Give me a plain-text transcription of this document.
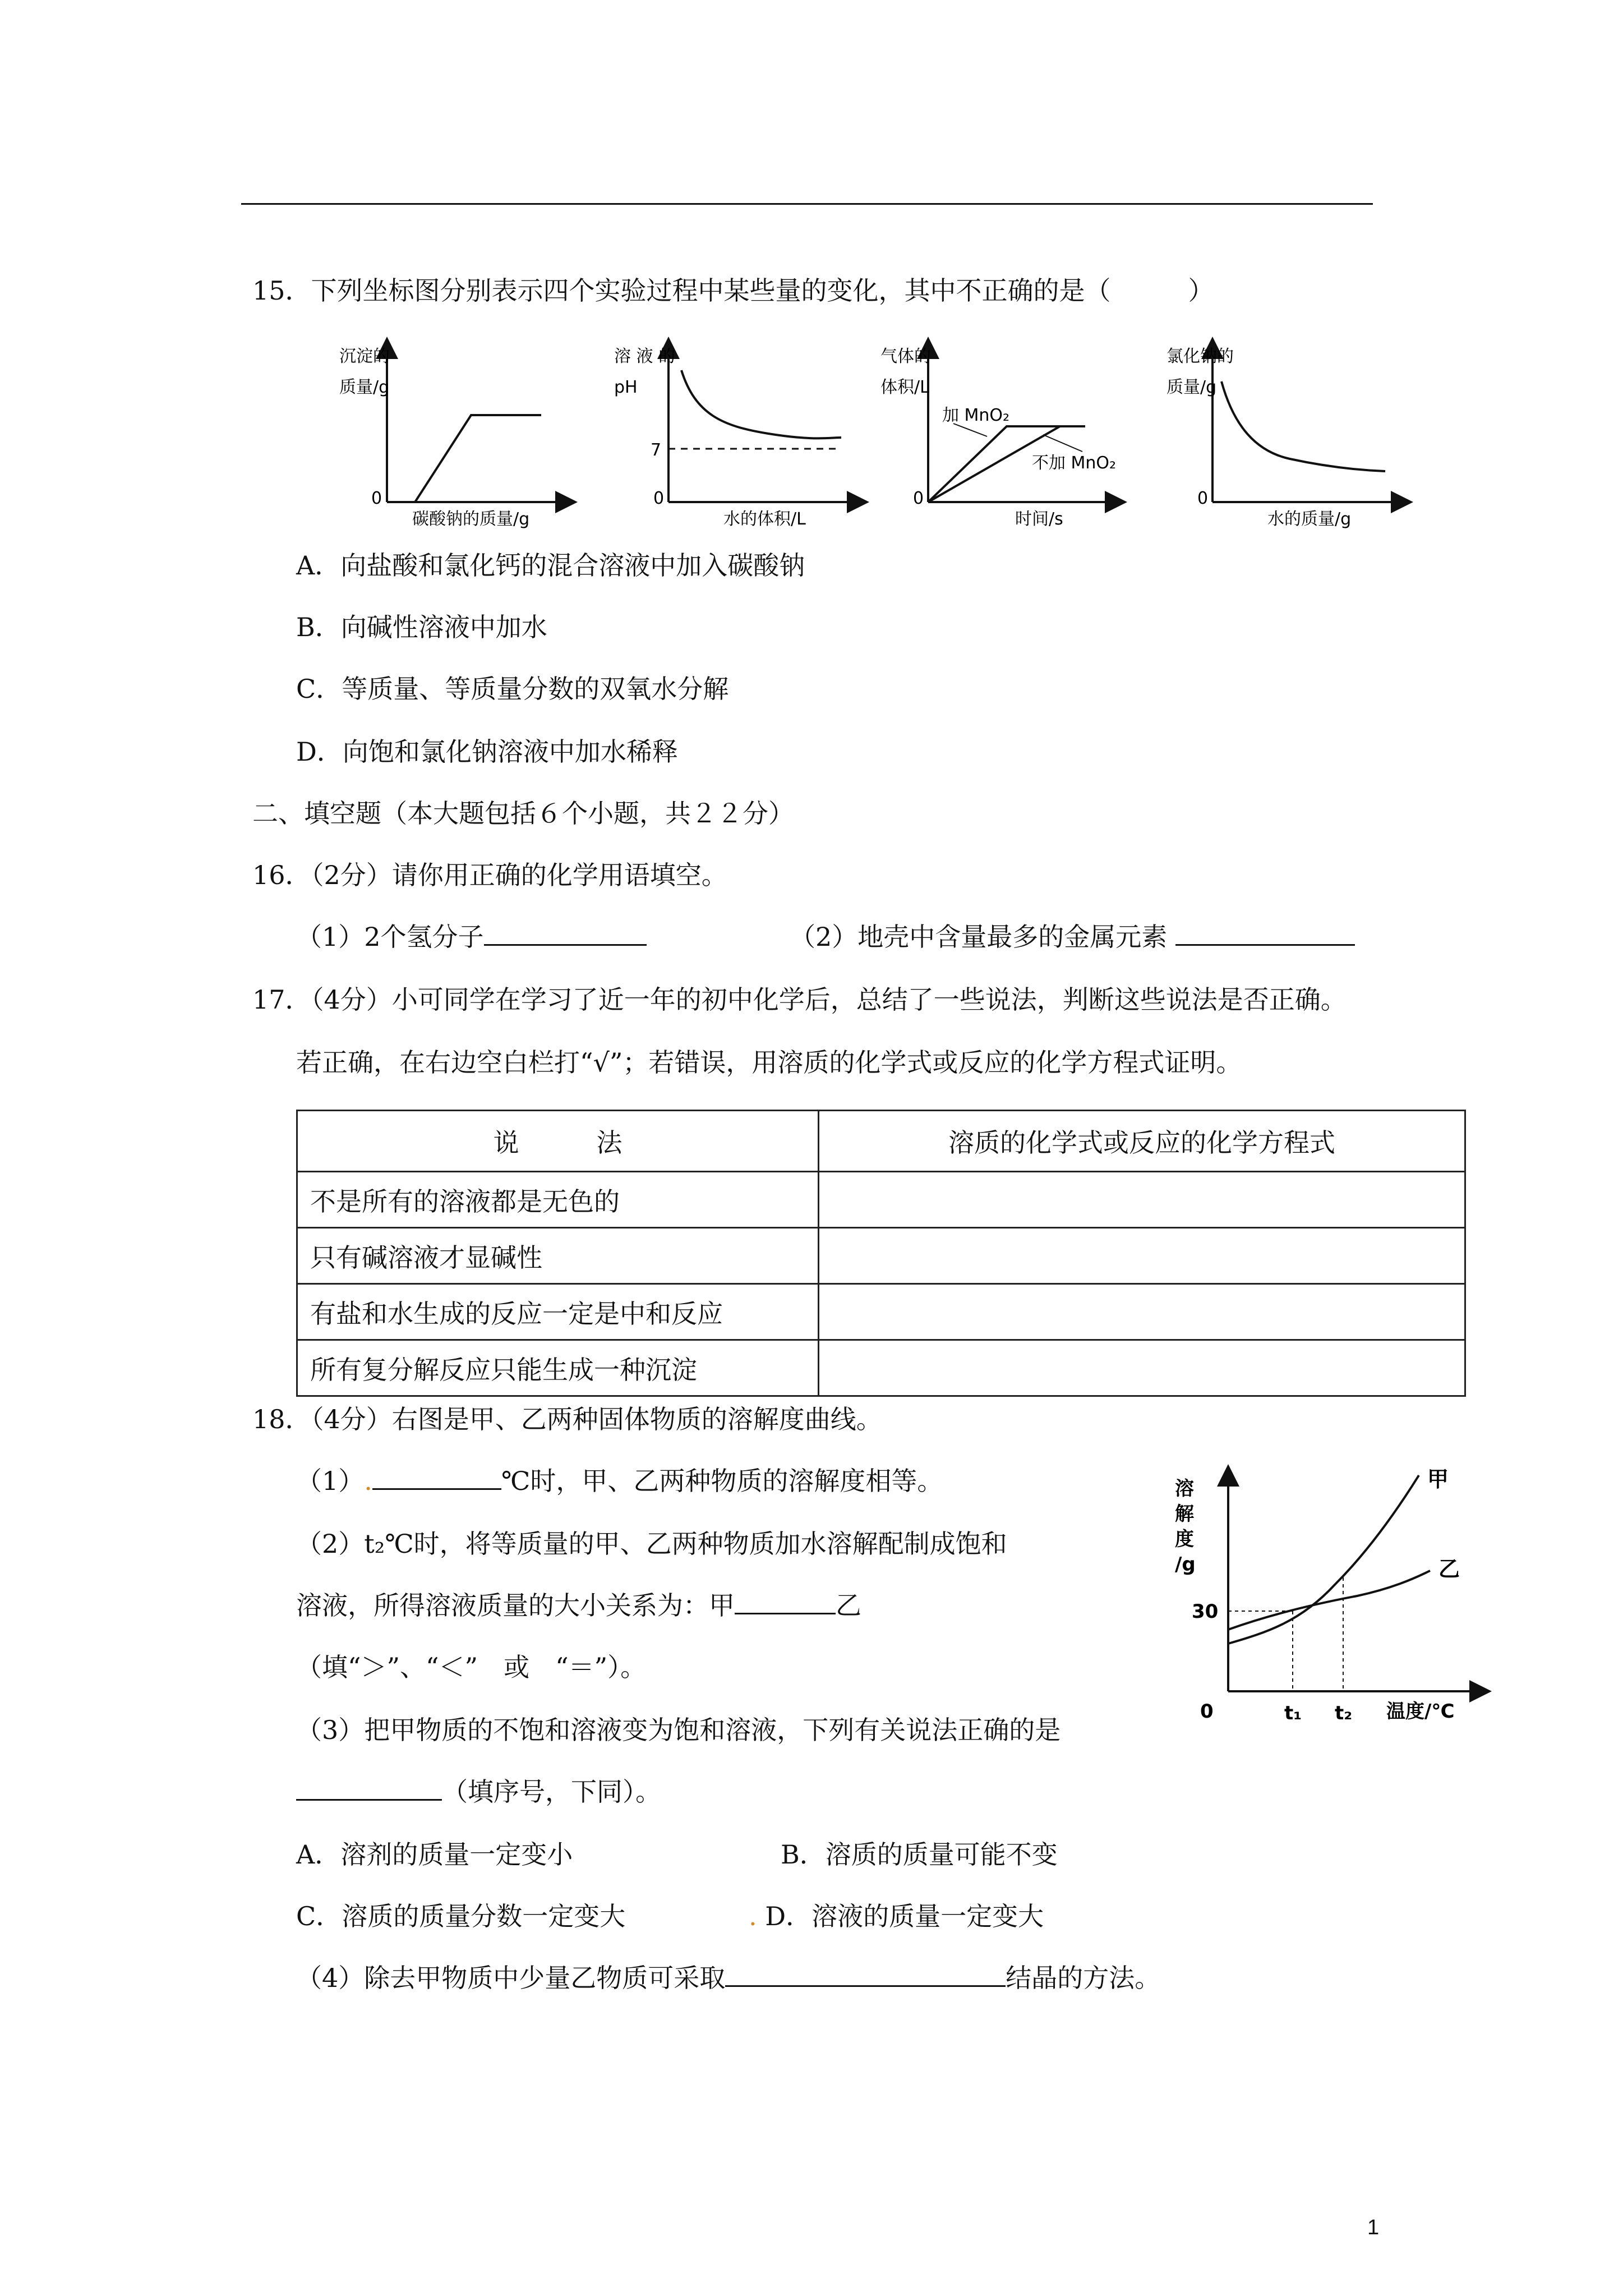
15．下列坐标图分别表示四个实验过程中某些量的变化，其中不正确的是（　　　）
沉淀的
质量/g
0
碳酸钠的质量/g
溶 液 的
pH
7
0
水的体积/L
气体的
体积/L
加 MnO₂
不加 MnO₂
0
时间/s
氯化钠的
质量/g
0
水的质量/g
A．向盐酸和氯化钙的混合溶液中加入碳酸钠
B．向碱性溶液中加水
C．等质量、等质量分数的双氧水分解
D．向饱和氯化钠溶液中加水稀释
二、填空题（本大题包括６个小题，共２２分）
16．（2分）请你用正确的化学用语填空。
（1）2个氢分子	（2）地壳中含量最多的金属元素
17．（4分）小可同学在学习了近一年的初中化学后，总结了一些说法，判断这些说法是否正确。
若正确，在右边空白栏打“√”；若错误，用溶质的化学式或反应的化学方程式证明。
说　　　法	溶质的化学式或反应的化学方程式
不是所有的溶液都是无色的	
只有碱溶液才显碱性	
有盐和水生成的反应一定是中和反应	
所有复分解反应只能生成一种沉淀	
18．（4分）右图是甲、乙两种固体物质的溶解度曲线。
（1）.	℃时，甲、乙两种物质的溶解度相等。
（2）t₂℃时，将等质量的甲、乙两种物质加水溶解配制成饱和
溶液，所得溶液质量的大小关系为：甲	乙
（填“＞”、“＜”　或　“＝”）。
（3）把甲物质的不饱和溶液变为饱和溶液，下列有关说法正确的是
（填序号，下同）。
A．溶剂的质量一定变小	B．溶质的质量可能不变
C．溶质的质量分数一定变大	. D．溶液的质量一定变大
（4）除去甲物质中少量乙物质可采取	结晶的方法。
溶
解
度
/g
30
0	t₁ t₂ 温度/℃
甲
乙
1
